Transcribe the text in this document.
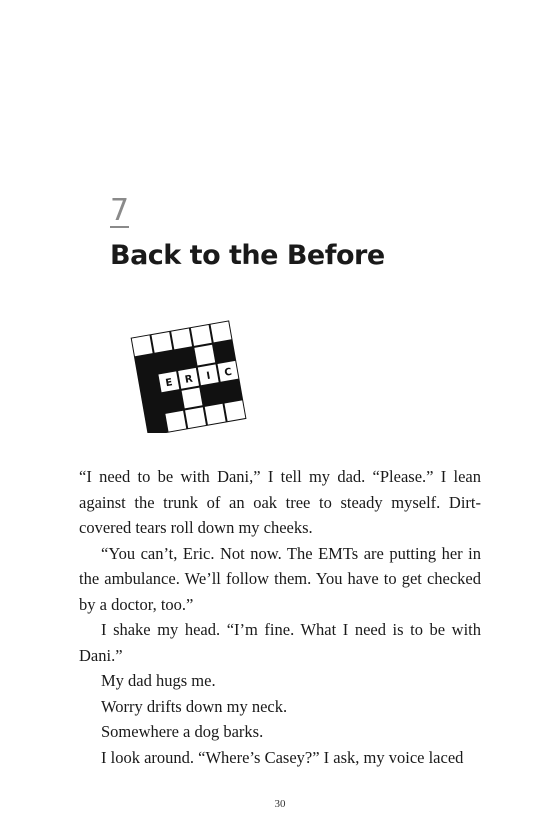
7
Back to the Before
E R I C

“I need to be with Dani,” I tell my dad. “Please.” I lean against the trunk of an oak tree to steady myself. Dirt-covered tears roll down my cheeks.

“You can’t, Eric. Not now. The EMTs are putting her in the ambulance. We’ll follow them. You have to get checked by a doctor, too.”

I shake my head. “I’m fine. What I need is to be with Dani.”

My dad hugs me.

Worry drifts down my neck.

Somewhere a dog barks.

I look around. “Where’s Casey?” I ask, my voice laced

30
